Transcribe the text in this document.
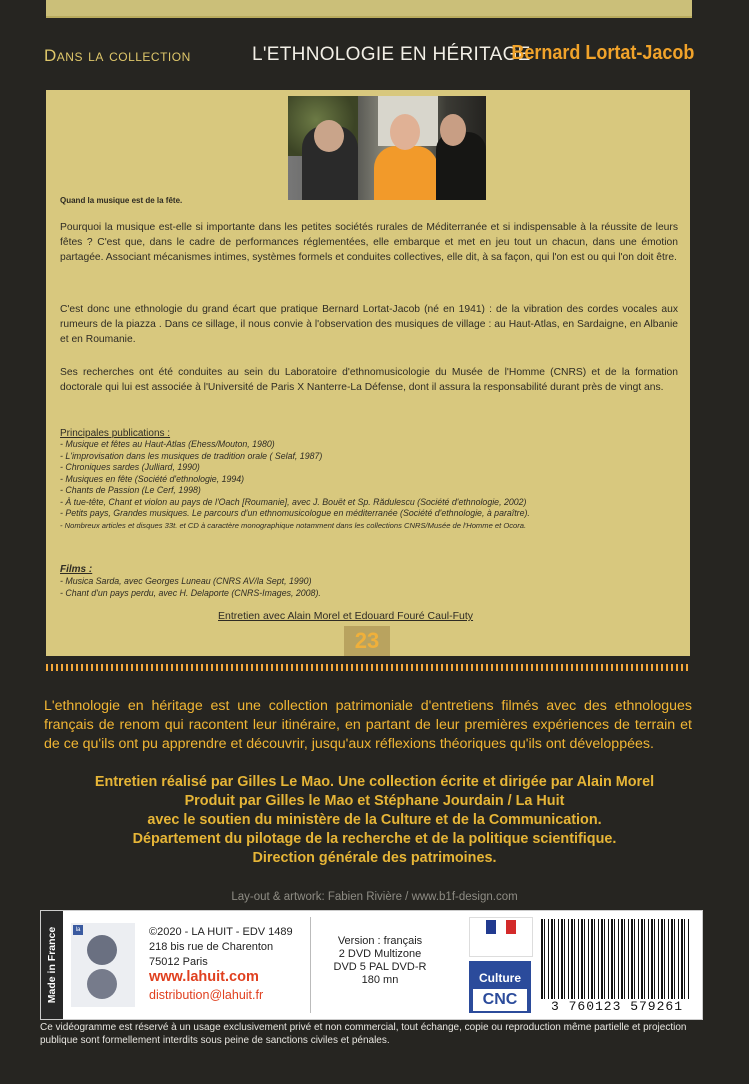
Dans la collection	L'ETHNOLOGIE EN HÉRITAGE
Bernard Lortat-Jacob
Quand la musique est de la fête.

Pourquoi la musique est-elle si importante dans les petites sociétés rurales de Méditerranée et si indispensable à la réussite de leurs fêtes ? C'est que, dans le cadre de performances réglementées, elle embarque et met en jeu tout un chacun, dans une émotion partagée. Associant mécanismes intimes, systèmes formels et conduites collectives, elle dit, à sa façon, qui l'on est ou qui l'on doit être.

C'est donc une ethnologie du grand écart que pratique Bernard Lortat-Jacob (né en 1941) : de la vibration des cordes vocales aux rumeurs de la piazza . Dans ce sillage, il nous convie à l'observation des musiques de village : au Haut-Atlas, en Sardaigne, en Albanie et en Roumanie.

Ses recherches ont été conduites au sein du Laboratoire d'ethnomusicologie du Musée de l'Homme (CNRS) et de la formation doctorale qui lui est associée à l'Université de Paris X Nanterre-La Défense, dont il assura la responsabilité durant près de vingt ans.

Principales publications :
- Musique et fêtes au Haut-Atlas (Ehess/Mouton, 1980)
- L'improvisation dans les musiques de tradition orale ( Selaf, 1987)
- Chroniques sardes (Julliard, 1990)
- Musiques en fête (Société d'ethnologie, 1994)
- Chants de Passion (Le Cerf, 1998)
- À tue-tête, Chant et violon au pays de l'Oach [Roumanie], avec J. Bouët et Sp. Rădulescu (Société d'ethnologie, 2002)
- Petits pays, Grandes musiques. Le parcours d'un ethnomusicologue en méditerranée (Société d'ethnologie, à paraître).
- Nombreux articles et disques 33t. et CD à caractère monographique notamment dans les collections CNRS/Musée de l'Homme et Ocora.
Films :
- Musica Sarda, avec Georges Luneau (CNRS AV/la Sept, 1990)
- Chant d'un pays perdu, avec H. Delaporte (CNRS-Images, 2008).
Entretien avec Alain Morel et Edouard Fouré Caul-Futy
23

L'ethnologie en héritage est une collection patrimoniale d'entretiens filmés avec des ethnologues français de renom qui racontent leur itinéraire, en partant de leur premières expériences de terrain et de ce qu'ils ont pu apprendre et découvrir, jusqu'aux réflexions théoriques qu'ils ont développées.

Entretien réalisé par Gilles Le Mao. Une collection écrite et dirigée par Alain Morel
Produit par Gilles le Mao et Stéphane Jourdain / La Huit
avec le soutien du ministère de la Culture et de la Communication.
Département du pilotage de la recherche et de la politique scientifique.
Direction générale des patrimoines.
Lay-out & artwork: Fabien Rivière / www.b1f-design.com
Made in France	la	©2020 - LA HUIT - EDV 1489
218 bis rue de Charenton
75012 Paris
www.lahuit.com
distribution@lahuit.fr
Version : français
2 DVD Multizone
DVD 5 PAL DVD-R
180 mn	Culture
CNC	3 760123 579261
Ce vidéogramme est réservé à un usage exclusivement privé et non commercial, tout échange, copie ou reproduction même partielle et projection publique sont formellement interdits sous peine de sanctions civiles et pénales.
